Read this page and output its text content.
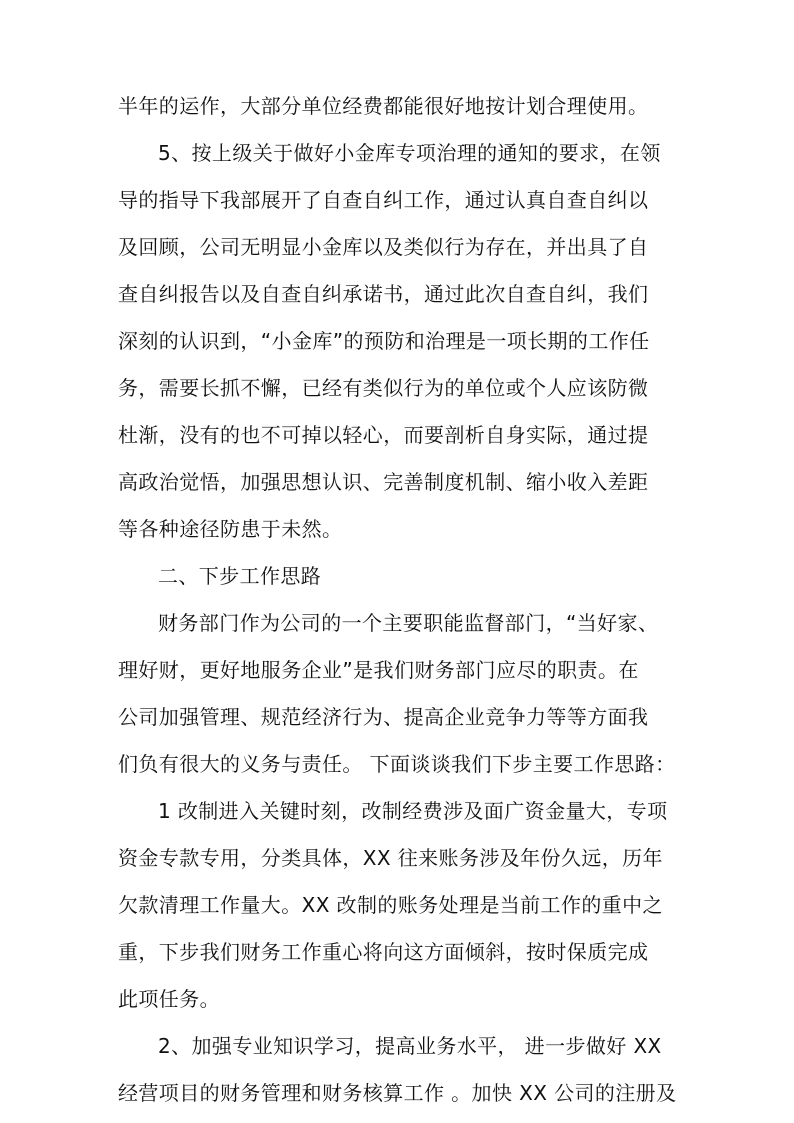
半年的运作，大部分单位经费都能很好地按计划合理使用。
5、按上级关于做好小金库专项治理的通知的要求，在领
导的指导下我部展开了自查自纠工作，通过认真自查自纠以
及回顾，公司无明显小金库以及类似行为存在，并出具了自
查自纠报告以及自查自纠承诺书，通过此次自查自纠，我们
深刻的认识到，“小金库”的预防和治理是一项长期的工作任
务，需要长抓不懈，已经有类似行为的单位或个人应该防微
杜渐，没有的也不可掉以轻心，而要剖析自身实际，通过提
高政治觉悟，加强思想认识、完善制度机制、缩小收入差距
等各种途径防患于未然。
二、下步工作思路
财务部门作为公司的一个主要职能监督部门，“当好家、
理好财，更好地服务企业”是我们财务部门应尽的职责。在
公司加强管理、规范经济行为、提高企业竞争力等等方面我
们负有很大的义务与责任。 下面谈谈我们下步主要工作思路：
1 改制进入关键时刻，改制经费涉及面广资金量大，专项
资金专款专用，分类具体，XX 往来账务涉及年份久远，历年
欠款清理工作量大。XX 改制的账务处理是当前工作的重中之
重，下步我们财务工作重心将向这方面倾斜，按时保质完成
此项任务。
2、加强专业知识学习，提高业务水平， 进一步做好 XX
经营项目的财务管理和财务核算工作 。加快 XX 公司的注册及
